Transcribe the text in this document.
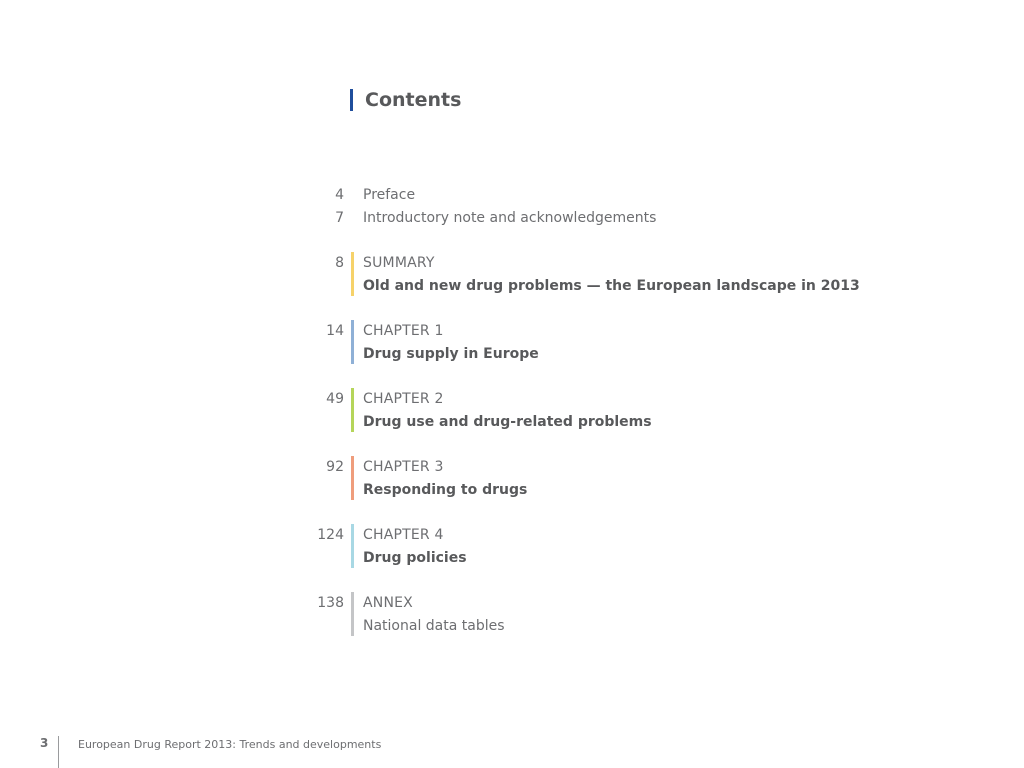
Contents
4 Preface
7 Introductory note and acknowledgements
8 SUMMARY
Old and new drug problems — the European landscape in 2013
14 CHAPTER 1
Drug supply in Europe
49 CHAPTER 2
Drug use and drug-related problems
92 CHAPTER 3
Responding to drugs
124 CHAPTER 4
Drug policies
138 ANNEX
National data tables
3	European Drug Report 2013: Trends and developments
